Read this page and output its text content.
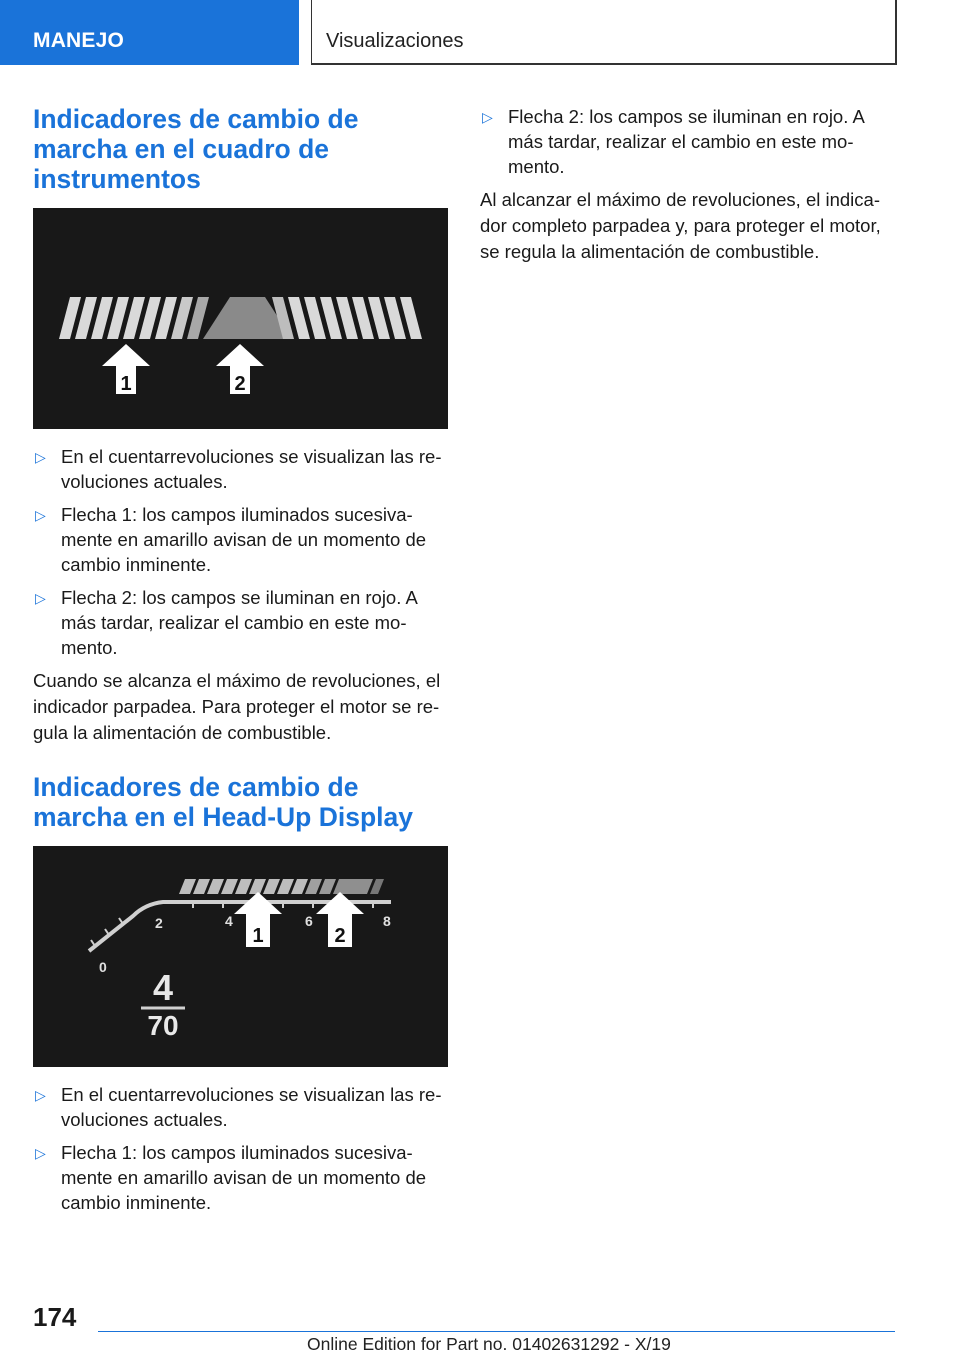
MANEJO	Visualizaciones
Indicadores de cambio de marcha en el cuadro de instrumentos
1	2
▷ En el cuentarrevoluciones se visualizan las revoluciones actuales.
▷ Flecha 1: los campos iluminados sucesivamente en amarillo avisan de un momento de cambio inminente.
▷ Flecha 2: los campos se iluminan en rojo. A más tardar, realizar el cambio en este momento.

Cuando se alcanza el máximo de revoluciones, el indicador parpadea. Para proteger el motor se regula la alimentación de combustible.

Indicadores de cambio de marcha en el Head-Up Display
0
2	4	6	8
1	2
4
70
▷ En el cuentarrevoluciones se visualizan las revoluciones actuales.
▷ Flecha 1: los campos iluminados sucesivamente en amarillo avisan de un momento de cambio inminente.
▷ Flecha 2: los campos se iluminan en rojo. A más tardar, realizar el cambio en este momento.

Al alcanzar el máximo de revoluciones, el indicador completo parpadea y, para proteger el motor, se regula la alimentación de combustible.

174
Online Edition for Part no. 01402631292 - X/19
